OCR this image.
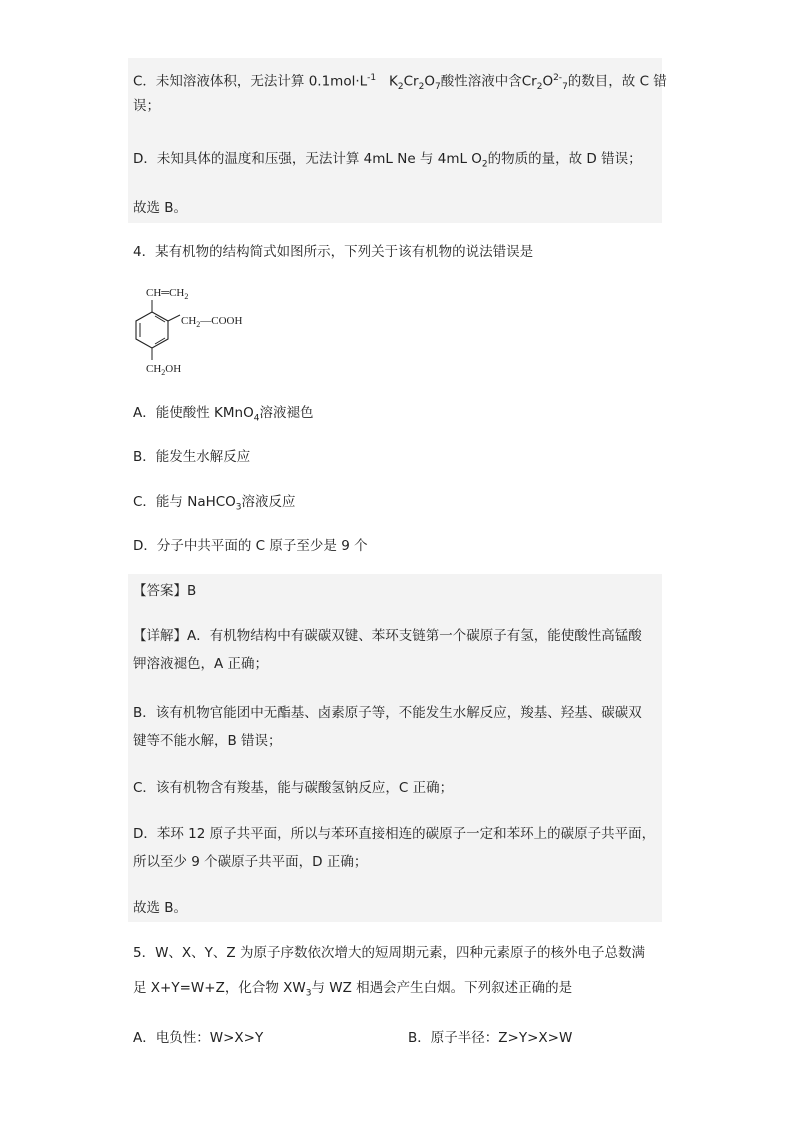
C．未知溶液体积，无法计算 $0.1mol\cdot L^{-1}$ $K_2Cr_2O_7$酸性溶液中含$Cr_2O^{2-}_7$的数目，故 C 错
误；
D．未知具体的温度和压强，无法计算 4mL Ne 与 4mL $O_2$的物质的量，故 D 错误；
故选 B。
4．某有机物的结构简式如图所示，下列关于该有机物的说法错误是
$CH═CH_2$
$CH_2—COOH$
$CH_2OH$
A．能使酸性 KMnO$_4$溶液褪色
B．能发生水解反应
C．能与 NaHCO$_3$溶液反应
D．分子中共平面的 C 原子至少是 9 个
【答案】B
【详解】A．有机物结构中有碳碳双键、苯环支链第一个碳原子有氢，能使酸性高锰酸
钾溶液褪色，A 正确；
B．该有机物官能团中无酯基、卤素原子等，不能发生水解反应，羧基、羟基、碳碳双
键等不能水解，B 错误；
C．该有机物含有羧基，能与碳酸氢钠反应，C 正确；
D．苯环 12 原子共平面，所以与苯环直接相连的碳原子一定和苯环上的碳原子共平面，
所以至少 9 个碳原子共平面，D 正确；
故选 B。
5．W、X、Y、Z 为原子序数依次增大的短周期元素，四种元素原子的核外电子总数满
足 X+Y=W+Z，化合物 $XW_3$与 WZ 相遇会产生白烟。下列叙述正确的是
A．电负性：W>X>Y	B．原子半径：Z>Y>X>W
